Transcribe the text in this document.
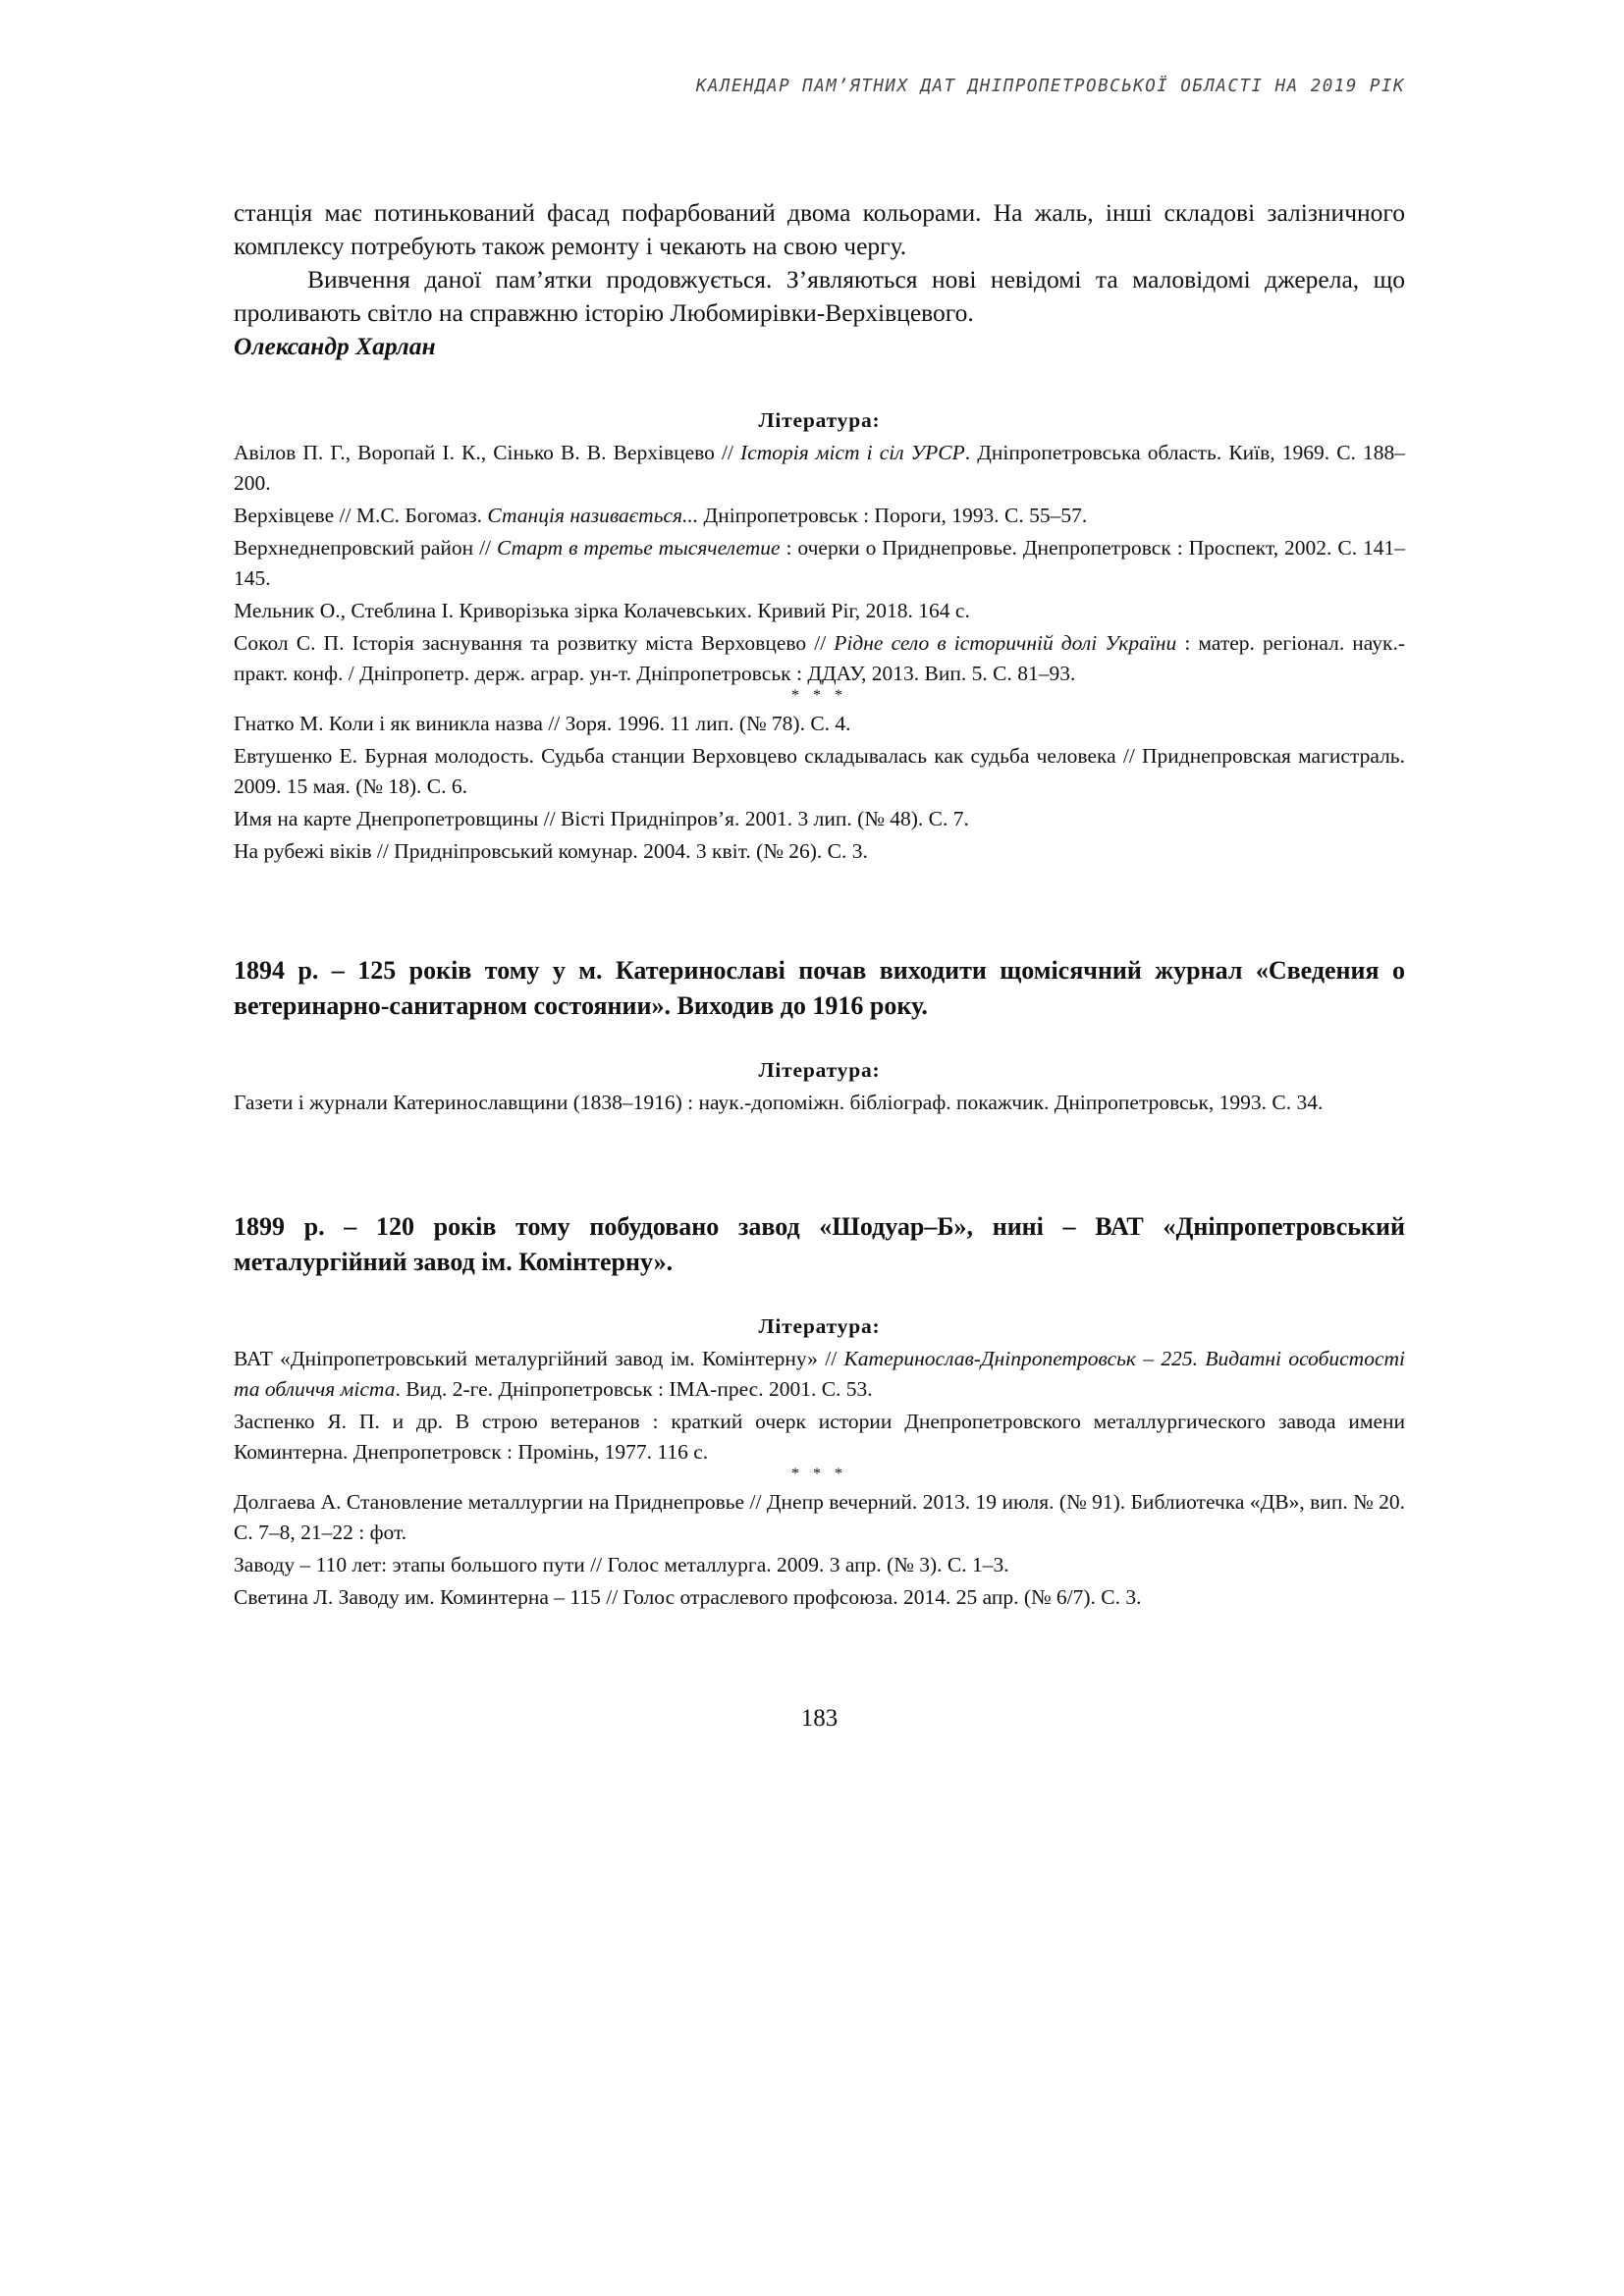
КАЛЕНДАР ПАМ’ЯТНИХ ДАТ ДНІПРОПЕТРОВСЬКОЇ ОБЛАСТІ НА 2019 РІК

станція має потинькований фасад пофарбований двома кольорами. На жаль, інші складові залізничного комплексу потребують також ремонту і чекають на свою чергу.

Вивчення даної пам’ятки продовжується. З’являються нові невідомі та маловідомі джерела, що проливають світло на справжню історію Любомирівки-Верхівцевого.

Олександр Харлан

Література:
Авілов П. Г., Воропай І. К., Сінько В. В. Верхівцево // Історія міст і сіл УРСР. Дніпропетровська область. Київ, 1969. С. 188–200.
Верхівцеве // М.С. Богомаз. Станція називається... Дніпропетровськ : Пороги, 1993. С. 55–57.
Верхнеднепровский район // Старт в третье тысячелетие : очерки о Приднепровье. Днепропетровск : Проспект, 2002. С. 141–145.
Мельник О., Стеблина І. Криворізька зірка Колачевських. Кривий Ріг, 2018. 164 с.
Сокол С. П. Історія заснування та розвитку міста Верховцево // Рідне село в історичній долі України : матер. регіонал. наук.-практ. конф. / Дніпропетр. держ. аграр. ун-т. Дніпропетровськ : ДДАУ, 2013. Вип. 5. С. 81–93.
* * *
Гнатко М. Коли і як виникла назва // Зоря. 1996. 11 лип. (№ 78). С. 4.
Евтушенко Е. Бурная молодость. Судьба станции Верховцево складывалась как судьба человека // Приднепровская магистраль. 2009. 15 мая. (№ 18). С. 6.
Имя на карте Днепропетровщины // Вісті Придніпров’я. 2001. 3 лип. (№ 48). С. 7.
На рубежі віків // Придніпровський комунар. 2004. 3 квіт. (№ 26). С. 3.

1894 р. – 125 років тому у м. Катеринославі почав виходити щомісячний журнал «Сведения о ветеринарно-санитарном состоянии». Виходив до 1916 року.

Література:
Газети і журнали Катеринославщини (1838–1916) : наук.-допоміжн. бібліограф. покажчик. Дніпропетровськ, 1993. С. 34.

1899 р. – 120 років тому побудовано завод «Шодуар–Б», нині – ВАТ «Дніпропетровський металургійний завод ім. Комінтерну».

Література:
ВАТ «Дніпропетровський металургійний завод ім. Комінтерну» // Катеринослав-Дніпропетровськ – 225. Видатні особистості та обличчя міста. Вид. 2-ге. Дніпропетровськ : ІМА-прес. 2001. С. 53.
Заспенко Я. П. и др. В строю ветеранов : краткий очерк истории Днепропетровского металлургического завода имени Коминтерна. Днепропетровск : Промінь, 1977. 116 с.
* * *
Долгаева А. Становление металлургии на Приднепровье // Днепр вечерний. 2013. 19 июля. (№ 91). Библиотечка «ДВ», вип. № 20. С. 7–8, 21–22 : фот.
Заводу – 110 лет: этапы большого пути // Голос металлурга. 2009. 3 апр. (№ 3). С. 1–3.
Светина Л. Заводу им. Коминтерна – 115 // Голос отраслевого профсоюза. 2014. 25 апр. (№ 6/7). С. 3.
183
